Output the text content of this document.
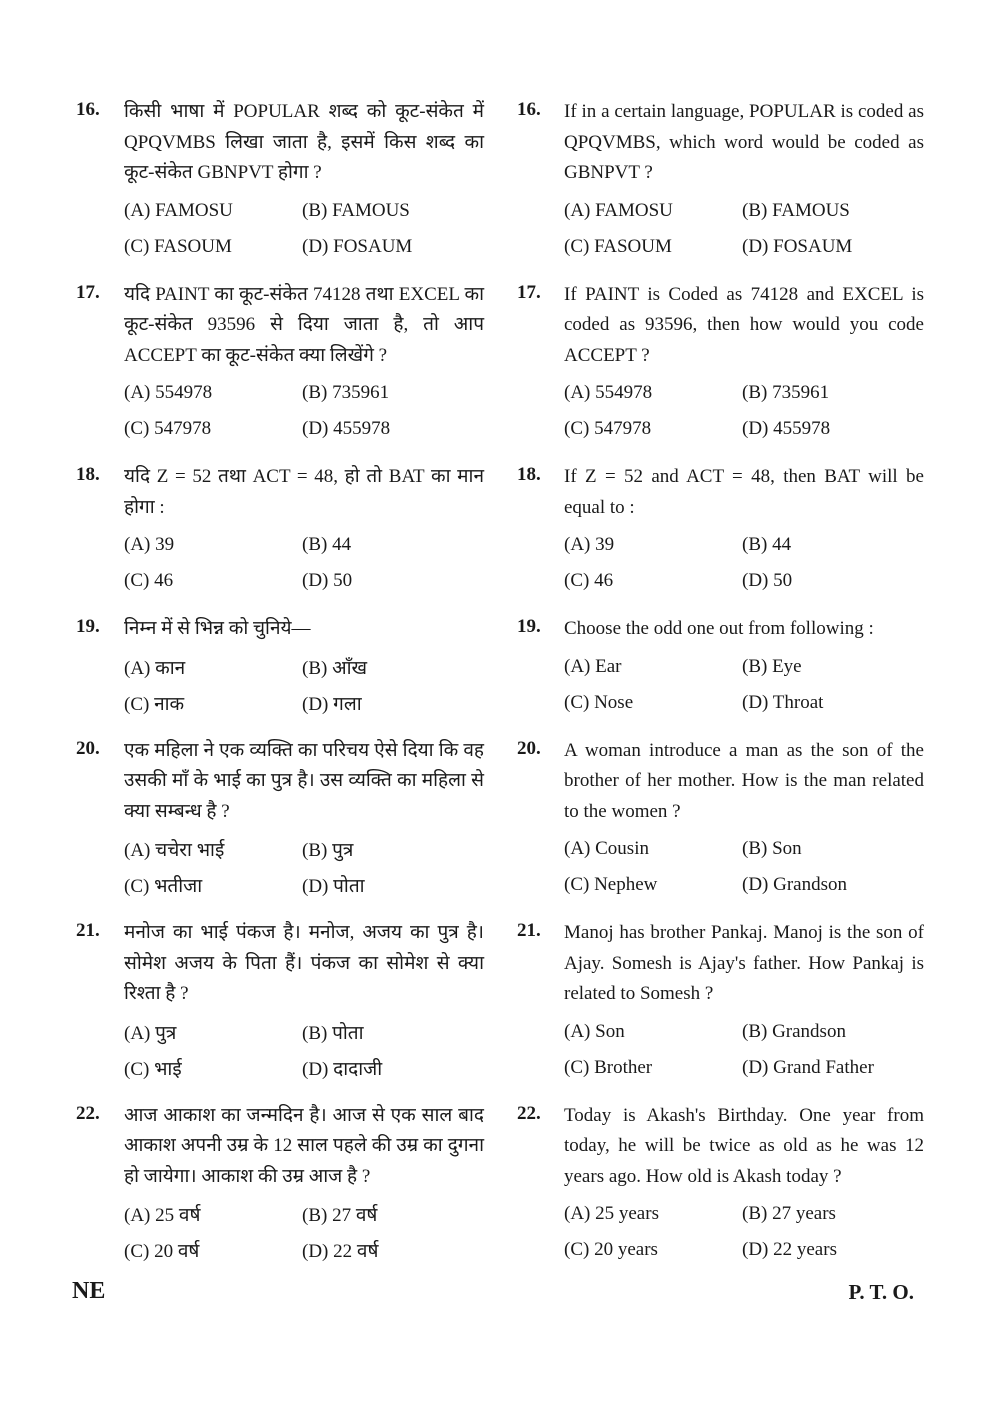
16. किसी भाषा में POPULAR शब्द को कूट-संकेत में QPQVMBS लिखा जाता है, इसमें किस शब्द का कूट-संकेत GBNPVT होगा ?
(A) FAMOSU	(B) FAMOUS
(C) FASOUM	(D) FOSAUM
17. यदि PAINT का कूट-संकेत 74128 तथा EXCEL का कूट-संकेत 93596 से दिया जाता है, तो आप ACCEPT का कूट-संकेत क्या लिखेंगे ?
(A) 554978	(B) 735961
(C) 547978	(D) 455978
18. यदि Z = 52 तथा ACT = 48, हो तो BAT का मान होगा :
(A) 39	(B) 44
(C) 46	(D) 50
19. निम्न में से भिन्न को चुनिये—
(A) कान	(B) आँख
(C) नाक	(D) गला
20. एक महिला ने एक व्यक्ति का परिचय ऐसे दिया कि वह उसकी माँ के भाई का पुत्र है। उस व्यक्ति का महिला से क्या सम्बन्ध है ?
(A) चचेरा भाई	(B) पुत्र
(C) भतीजा	(D) पोता
21. मनोज का भाई पंकज है। मनोज, अजय का पुत्र है। सोमेश अजय के पिता हैं। पंकज का सोमेश से क्या रिश्ता है ?
(A) पुत्र	(B) पोता
(C) भाई	(D) दादाजी
22. आज आकाश का जन्मदिन है। आज से एक साल बाद आकाश अपनी उम्र के 12 साल पहले की उम्र का दुगना हो जायेगा। आकाश की उम्र आज है ?
(A) 25 वर्ष	(B) 27 वर्ष
(C) 20 वर्ष	(D) 22 वर्ष
16. If in a certain language, POPULAR is coded as QPQVMBS, which word would be coded as GBNPVT ?
(A) FAMOSU	(B) FAMOUS
(C) FASOUM	(D) FOSAUM
17. If PAINT is Coded as 74128 and EXCEL is coded as 93596, then how would you code ACCEPT ?
(A) 554978	(B) 735961
(C) 547978	(D) 455978
18. If Z = 52 and ACT = 48, then BAT will be equal to :
(A) 39	(B) 44
(C) 46	(D) 50
19. Choose the odd one out from following :
(A) Ear	(B) Eye
(C) Nose	(D) Throat
20. A woman introduce a man as the son of the brother of her mother. How is the man related to the women ?
(A) Cousin	(B) Son
(C) Nephew	(D) Grandson
21. Manoj has brother Pankaj. Manoj is the son of Ajay. Somesh is Ajay's father. How Pankaj is related to Somesh ?
(A) Son	(B) Grandson
(C) Brother	(D) Grand Father
22. Today is Akash's Birthday. One year from today, he will be twice as old as he was 12 years ago. How old is Akash today ?
(A) 25 years	(B) 27 years
(C) 20 years	(D) 22 years
NE	P. T. O.
